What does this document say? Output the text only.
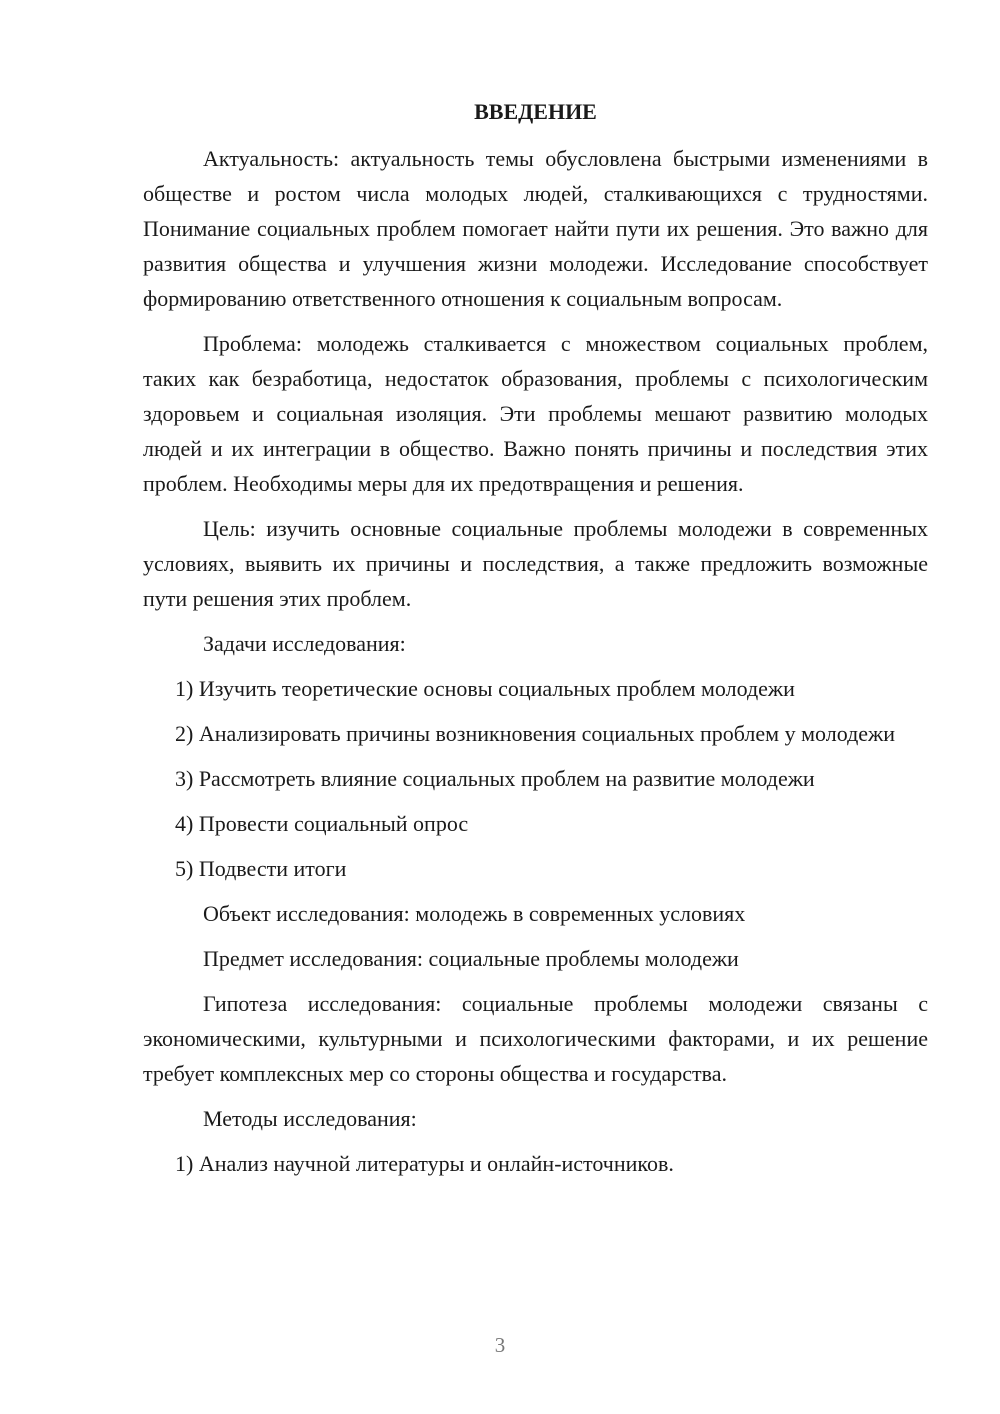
ВВЕДЕНИЕ

Актуальность: актуальность темы обусловлена быстрыми изменениями в обществе и ростом числа молодых людей, сталкивающихся с трудностями. Понимание социальных проблем помогает найти пути их решения. Это важно для развития общества и улучшения жизни молодежи. Исследование способствует формированию ответственного отношения к социальным вопросам.

Проблема: молодежь сталкивается с множеством социальных проблем, таких как безработица, недостаток образования, проблемы с психологическим здоровьем и социальная изоляция. Эти проблемы мешают развитию молодых людей и их интеграции в общество. Важно понять причины и последствия этих проблем. Необходимы меры для их предотвращения и решения.

Цель: изучить основные социальные проблемы молодежи в современных условиях, выявить их причины и последствия, а также предложить возможные пути решения этих проблем.

Задачи исследования:

1) Изучить теоретические основы социальных проблем молодежи

2) Анализировать причины возникновения социальных проблем у молодежи

3) Рассмотреть влияние социальных проблем на развитие молодежи

4) Провести социальный опрос

5) Подвести итоги

Объект исследования: молодежь в современных условиях

Предмет исследования: социальные проблемы молодежи

Гипотеза исследования: социальные проблемы молодежи связаны с экономическими, культурными и психологическими факторами, и их решение требует комплексных мер со стороны общества и государства.

Методы исследования:

1) Анализ научной литературы и онлайн-источников.

3
